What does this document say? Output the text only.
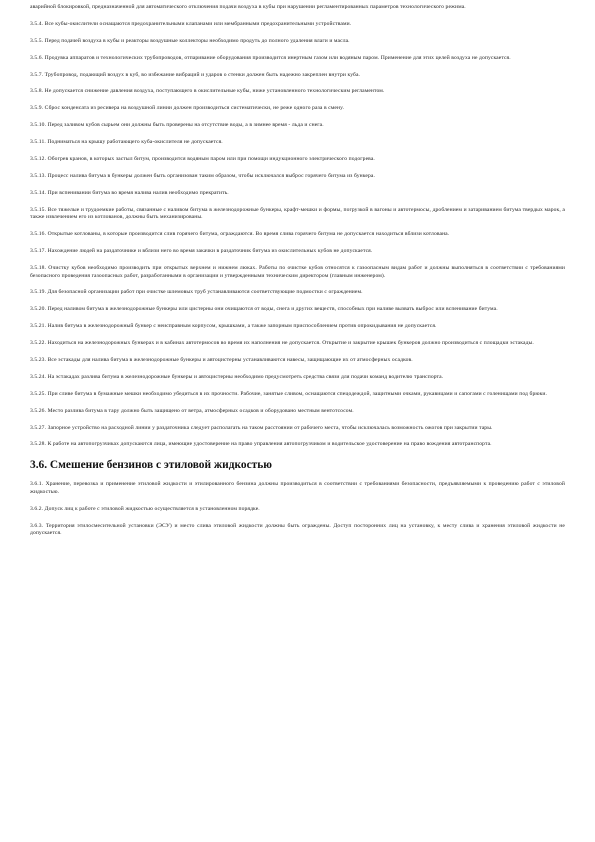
аварийной блокировкой, предназначенной для автоматического отключения подачи воздуха в кубы при нарушении регламентированных параметров технологического режима.

3.5.4. Все кубы-окислители оснащаются предохранительными клапанами или мембранными предохранительными устройствами.

3.5.5. Перед подачей воздуха в кубы и реакторы воздушные коллекторы необходимо продуть до полного удаления влаги и масла.

3.5.6. Продувка аппаратов и технологических трубопроводов, отпаривание оборудования производится инертным газом или водяным паром. Применение для этих целей воздуха не допускается.

3.5.7. Трубопровод, подающий воздух в куб, во избежание вибраций и ударов о стенки должен быть надежно закреплен внутри куба.

3.5.8. Не допускается снижение давления воздуха, поступающего в окислительные кубы, ниже установленного технологическим регламентом.

3.5.9. Сброс конденсата из ресивера на воздушной линии должен производиться систематически, не реже одного раза в смену.

3.5.10. Перед заливом кубов сырьем они должны быть проверены на отсутствие воды, а в зимнее время - льда и снега.

3.5.11. Подниматься на крышу работающего куба-окислителя не допускается.

3.5.12. Обогрев кранов, в которых застыл битум, производится водяным паром или при помощи индукционного электрического подогрева.

3.5.13. Процесс налива битума в бункеры должен быть организован таким образом, чтобы исключался выброс горячего битума из бункера.

3.5.14. При вспенивании битума во время налива налив необходимо прекратить.

3.5.15. Все тяжелые и трудоемкие работы, связанные с наливом битума в железнодорожные бункеры, крафт-мешки и формы, погрузкой в вагоны и автотермосы, дроблением и затариванием битума твердых марок, а также извлечением его из котлованов, должны быть механизированы.

3.5.16. Открытые котлованы, в которые производится слив горячего битума, ограждаются. Во время слива горячего битума не допускается находиться вблизи котлована.

3.5.17. Нахождение людей на раздаточнике и вблизи него во время закачки в раздаточник битума из окислительных кубов не допускается.

3.5.18. Очистку кубов необходимо производить при открытых верхнем и нижнем люках. Работы по очистке кубов относятся к газоопасным видам работ и должны выполняться в соответствии с требованиями безопасного проведения газоопасных работ, разработанными в организации и утвержденными техническим директором (главным инженером).

3.5.19. Для безопасной организации работ при очистке шлемовых труб устанавливаются соответствующие подмостки с ограждением.

3.5.20. Перед наливом битума в железнодорожные бункеры или цистерны они очищаются от воды, снега и других веществ, способных при наливе вызвать выброс или вспенивание битума.

3.5.21. Налив битума в железнодорожный бункер с неисправным корпусом, крышками, а также запорным приспособлением против опрокидывания не допускается.

3.5.22. Находиться на железнодорожных бункерах и в кабинах автотермосов во время их наполнения не допускается. Открытие и закрытие крышек бункеров должно производиться с площадки эстакады.

3.5.23. Все эстакады для налива битума в железнодорожные бункеры и автоцистерны устанавливаются навесы, защищающие их от атмосферных осадков.

3.5.24. На эстакадах разлива битума в железнодорожные бункеры и автоцистерны необходимо предусмотреть средства связи для подачи команд водителю транспорта.

3.5.25. При сливе битума в бумажные мешки необходимо убедиться в их прочности. Рабочие, занятые сливом, оснащаются спецодеждой, защитными очками, рукавицами и сапогами с голенищами под брюки.

3.5.26. Место разлива битума в тару должно быть защищено от ветра, атмосферных осадков и оборудовано местным вентотсосом.

3.5.27. Запорное устройство на расходной линии у раздаточника следует располагать на таком расстоянии от рабочего места, чтобы исключалась возможность ожогов при закрытии тары.

3.5.28. К работе на автопогрузчиках допускаются лица, имеющие удостоверение на право управления автопогрузчиком и водительское удостоверение на право вождения автотранспорта.

3.6. Смешение бензинов с этиловой жидкостью

3.6.1. Хранение, перевозка и применение этиловой жидкости и этилированного бензина должны производиться в соответствии с требованиями безопасности, предъявляемыми к проведению работ с этиловой жидкостью.

3.6.2. Допуск лиц к работе с этиловой жидкостью осуществляется в установленном порядке.

3.6.3. Территория этилосмесительной установки (ЭСУ) и место слива этиловой жидкости должны быть ограждены. Доступ посторонних лиц на установку, к месту слива и хранения этиловой жидкости не допускается.
